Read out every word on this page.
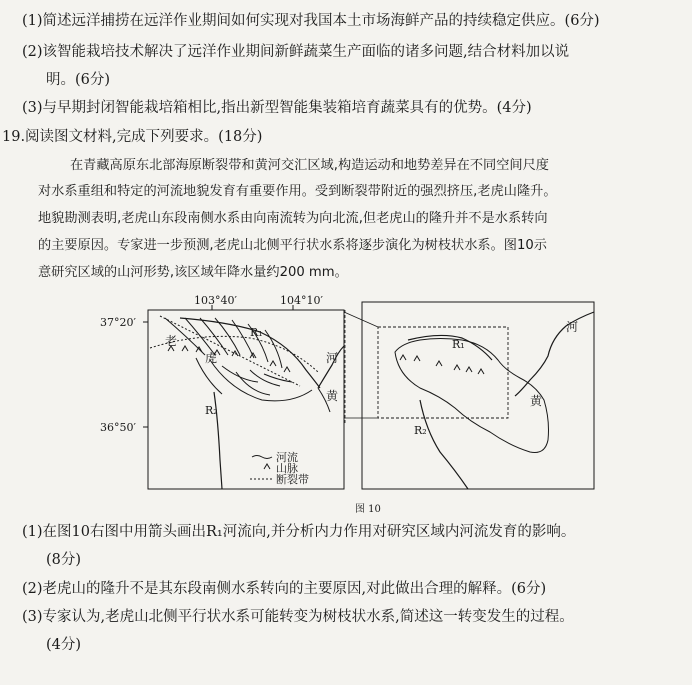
(1)简述远洋捕捞在远洋作业期间如何实现对我国本土市场海鲜产品的持续稳定供应。(6分)
(2)该智能栽培技术解决了远洋作业期间新鲜蔬菜生产面临的诸多问题,结合材料加以说
明。(6分)
(3)与早期封闭智能栽培箱相比,指出新型智能集装箱培育蔬菜具有的优势。(4分)
19.阅读图文材料,完成下列要求。(18分)
在青藏高原东北部海原断裂带和黄河交汇区域,构造运动和地势差异在不同空间尺度
对水系重组和特定的河流地貌发育有重要作用。受到断裂带附近的强烈挤压,老虎山隆升。
地貌勘测表明,老虎山东段南侧水系由向南流转为向北流,但老虎山的隆升并不是水系转向
的主要原因。专家进一步预测,老虎山北侧平行状水系将逐步演化为树枝状水系。图10示
意研究区域的山河形势,该区域年降水量约200 mm。
103°40′	104°10′
37°20′
36°50′
老
虎
R₁
R₂
河
黄
R₁
R₂
河
黄
河流
山脉
断裂带
图 10
(1)在图10右图中用箭头画出R₁河流向,并分析内力作用对研究区域内河流发育的影响。
(8分)
(2)老虎山的隆升不是其东段南侧水系转向的主要原因,对此做出合理的解释。(6分)
(3)专家认为,老虎山北侧平行状水系可能转变为树枝状水系,简述这一转变发生的过程。
(4分)
